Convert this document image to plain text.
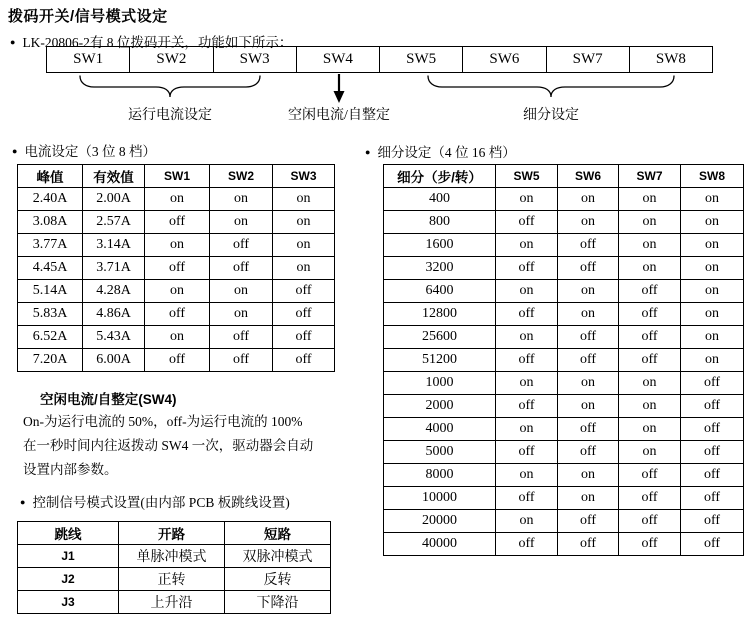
拨码开关/信号模式设定
● LK-20806-2有 8 位拨码开关，功能如下所示：
SW1	SW2	SW3	SW4	SW5	SW6	SW7	SW8
运行电流设定	空闲电流/自整定	细分设定
● 电流设定（3 位 8 档）
峰值	有效值	SW1	SW2	SW3
2.40A	2.00A	on	on	on
3.08A	2.57A	off	on	on
3.77A	3.14A	on	off	on
4.45A	3.71A	off	off	on
5.14A	4.28A	on	on	off
5.83A	4.86A	off	on	off
6.52A	5.43A	on	off	off
7.20A	6.00A	off	off	off
● 细分设定（4 位 16 档）
细分（步/转）	SW5	SW6	SW7	SW8
400	on	on	on	on
800	off	on	on	on
1600	on	off	on	on
3200	off	off	on	on
6400	on	on	off	on
12800	off	on	off	on
25600	on	off	off	on
51200	off	off	off	on
1000	on	on	on	off
2000	off	on	on	off
4000	on	off	on	off
5000	off	off	on	off
8000	on	on	off	off
10000	off	on	off	off
20000	on	off	off	off
40000	off	off	off	off
空闲电流/自整定(SW4)
On-为运行电流的 50%，off-为运行电流的 100%
在一秒时间内往返拨动 SW4 一次，驱动器会自动
设置内部参数。
● 控制信号模式设置(由内部 PCB 板跳线设置)
跳线	开路	短路
J1	单脉冲模式	双脉冲模式
J2	正转	反转
J3	上升沿	下降沿
